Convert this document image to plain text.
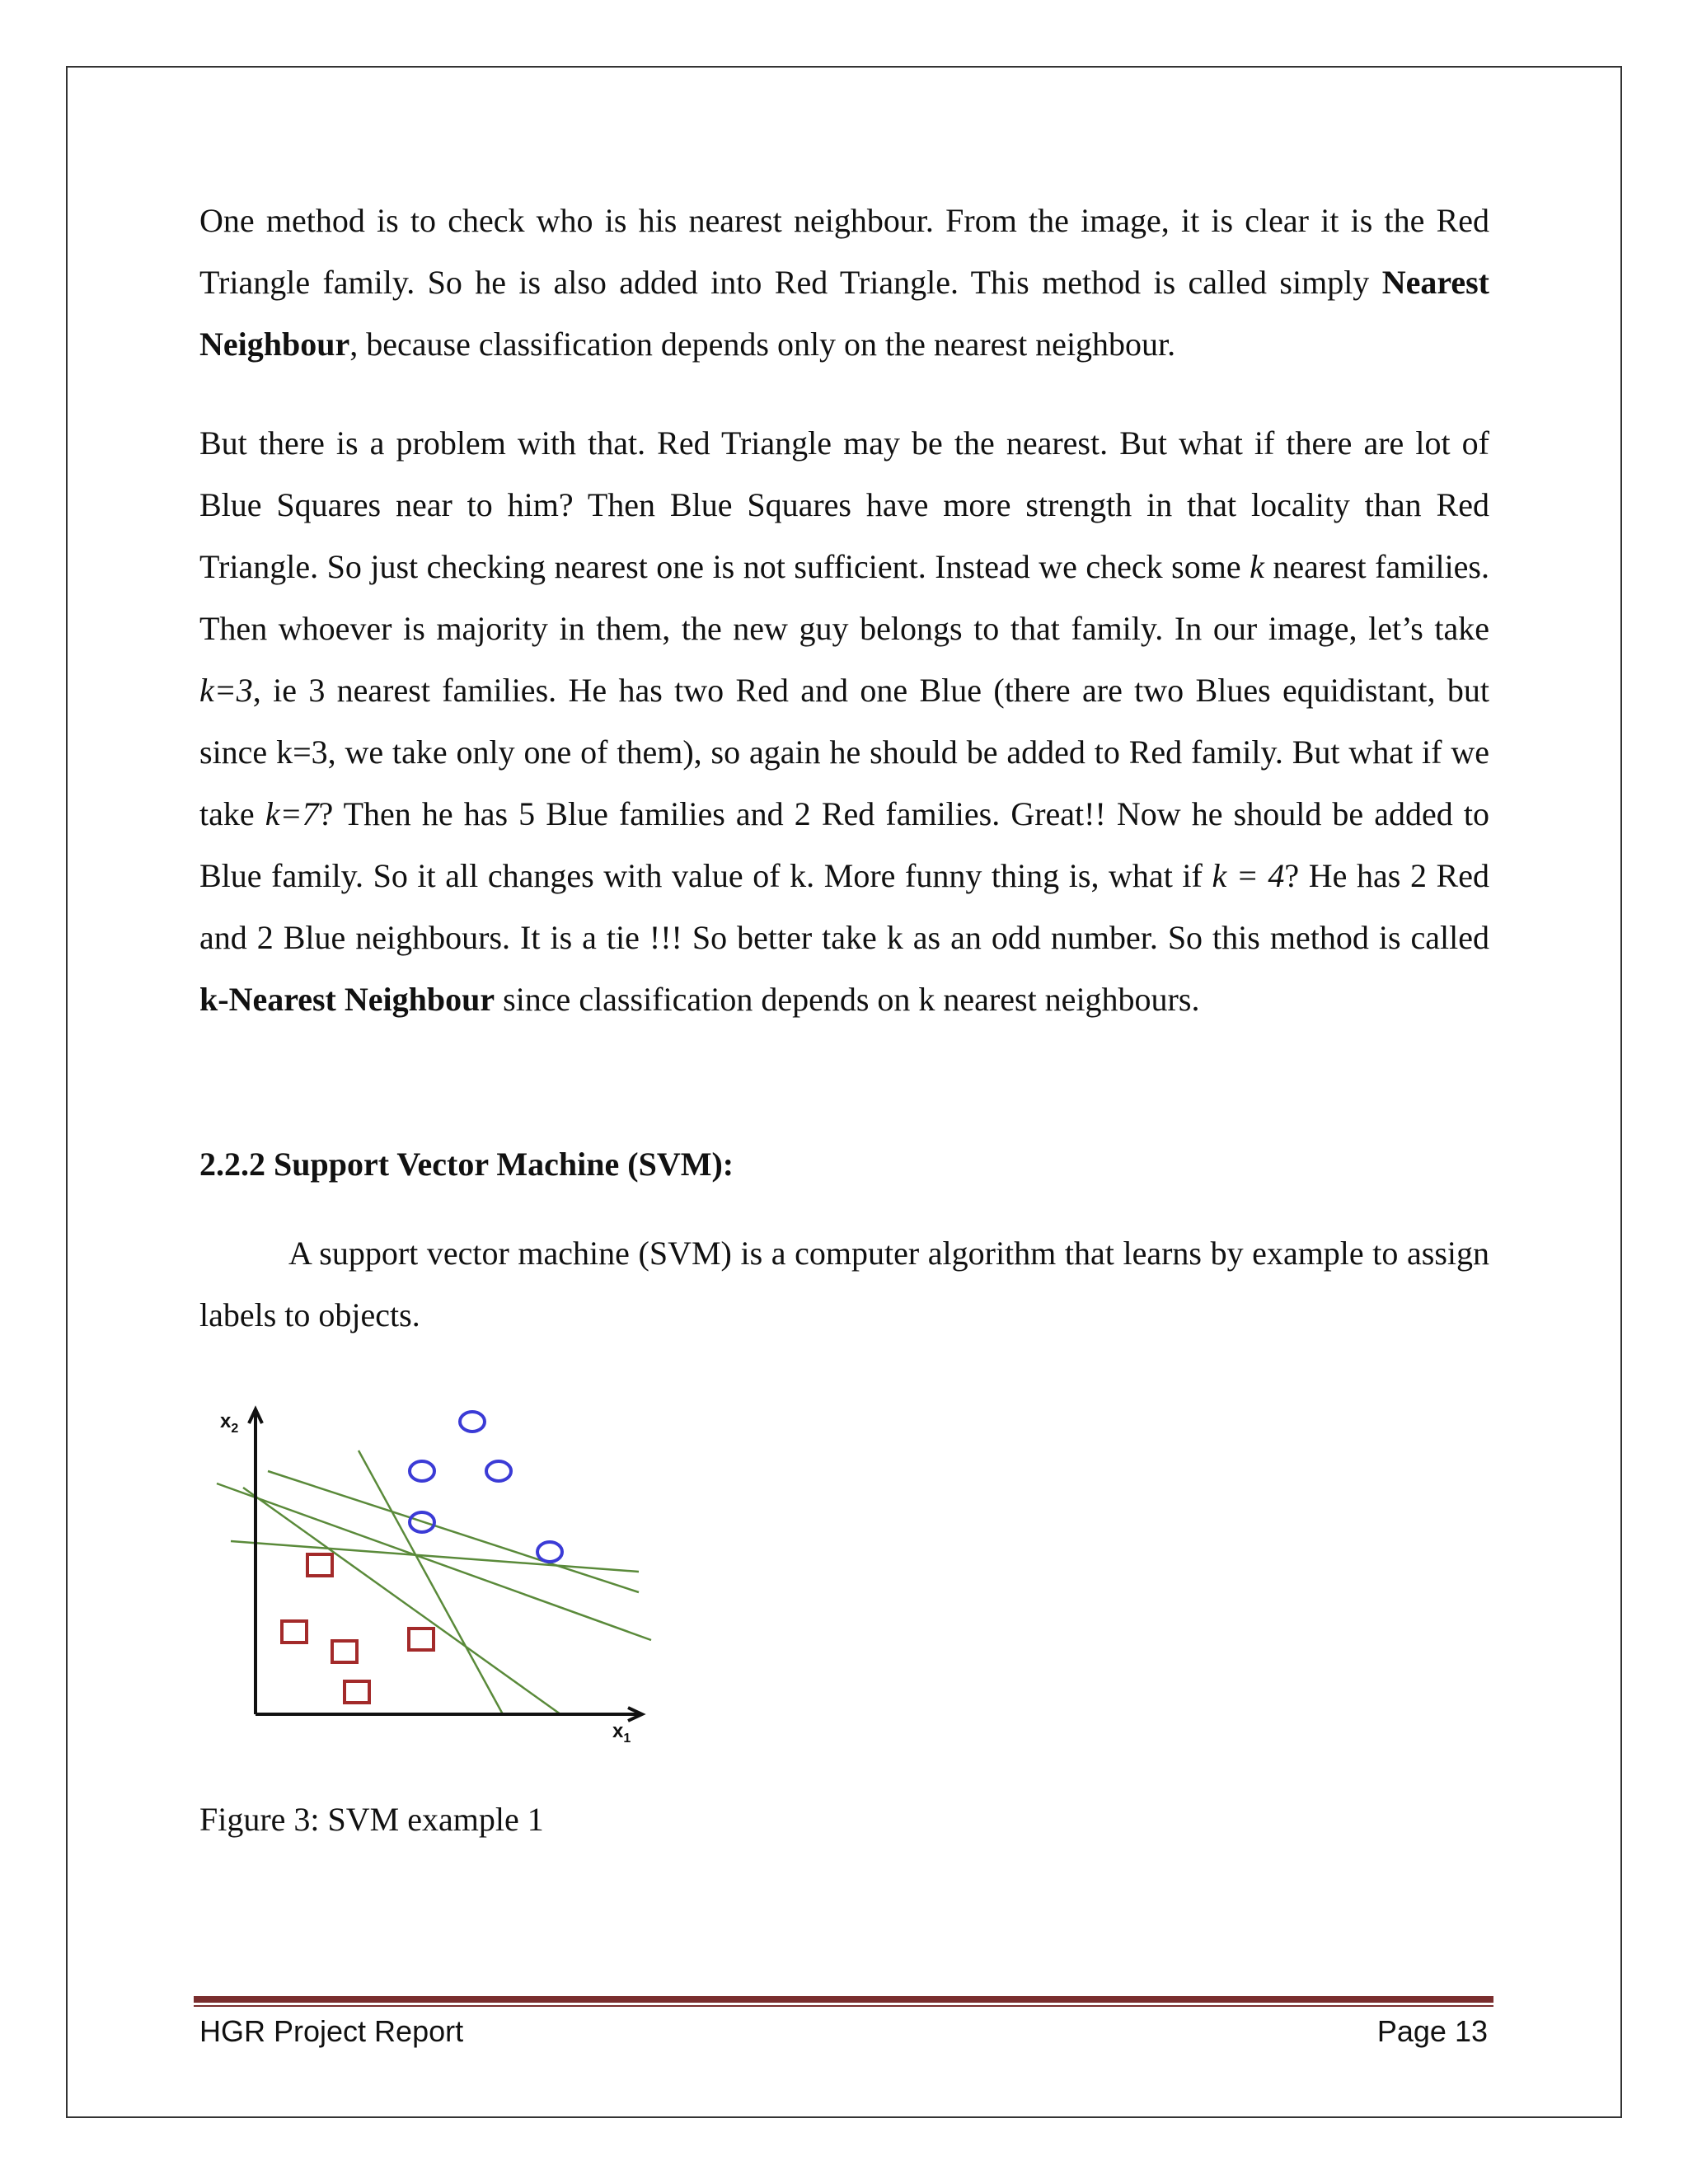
One method is to check who is his nearest neighbour. From the image, it is clear it is the Red Triangle family. So he is also added into Red Triangle. This method is called simply Nearest Neighbour, because classification depends only on the nearest neighbour.

But there is a problem with that. Red Triangle may be the nearest. But what if there are lot of Blue Squares near to him? Then Blue Squares have more strength in that locality than Red Triangle. So just checking nearest one is not sufficient. Instead we check some k nearest families. Then whoever is majority in them, the new guy belongs to that family. In our image, let’s take k=3, ie 3 nearest families. He has two Red and one Blue (there are two Blues equidistant, but since k=3, we take only one of them), so again he should be added to Red family. But what if we take k=7? Then he has 5 Blue families and 2 Red families. Great!! Now he should be added to Blue family. So it all changes with value of k. More funny thing is, what if k = 4? He has 2 Red and 2 Blue neighbours. It is a tie !!! So better take k as an odd number. So this method is called k-Nearest Neighbour since classification depends on k nearest neighbours.

2.2.2 Support Vector Machine (SVM):

A support vector machine (SVM) is a computer algorithm that learns by example to assign labels to objects.

$x_2$
$x_1$

Figure 3: SVM example 1

HGR Project Report	Page 13
